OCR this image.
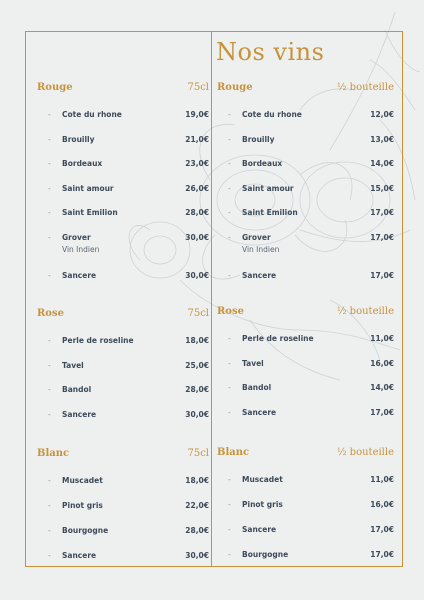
Nos vins
Rouge	75cl
- Cote du rhone	19,0€
- Brouilly	21,0€
- Bordeaux	23,0€
- Saint amour	26,0€
- Saint Emilion	28,0€
- Grover	30,0€
Vin Indien
- Sancere	30,0€
Rose	75cl
- Perle de roseline	18,0€
- Tavel	25,0€
- Bandol	28,0€
- Sancere	30,0€
Blanc	75cl
- Muscadet	18,0€
- Pinot gris	22,0€
- Bourgogne	28,0€
- Sancere	30,0€
Rouge	½ bouteille
- Cote du rhone	12,0€
- Brouilly	13,0€
- Bordeaux	14,0€
- Saint amour	15,0€
- Saint Emilion	17,0€
- Grover	17,0€
Vin Indien
- Sancere	17,0€
Rose	½ bouteille
- Perle de roseline	11,0€
- Tavel	16,0€
- Bandol	14,0€
- Sancere	17,0€
Blanc	½ bouteille
- Muscadet	11,0€
- Pinot gris	16,0€
- Sancere	17,0€
- Bourgogne	17,0€
